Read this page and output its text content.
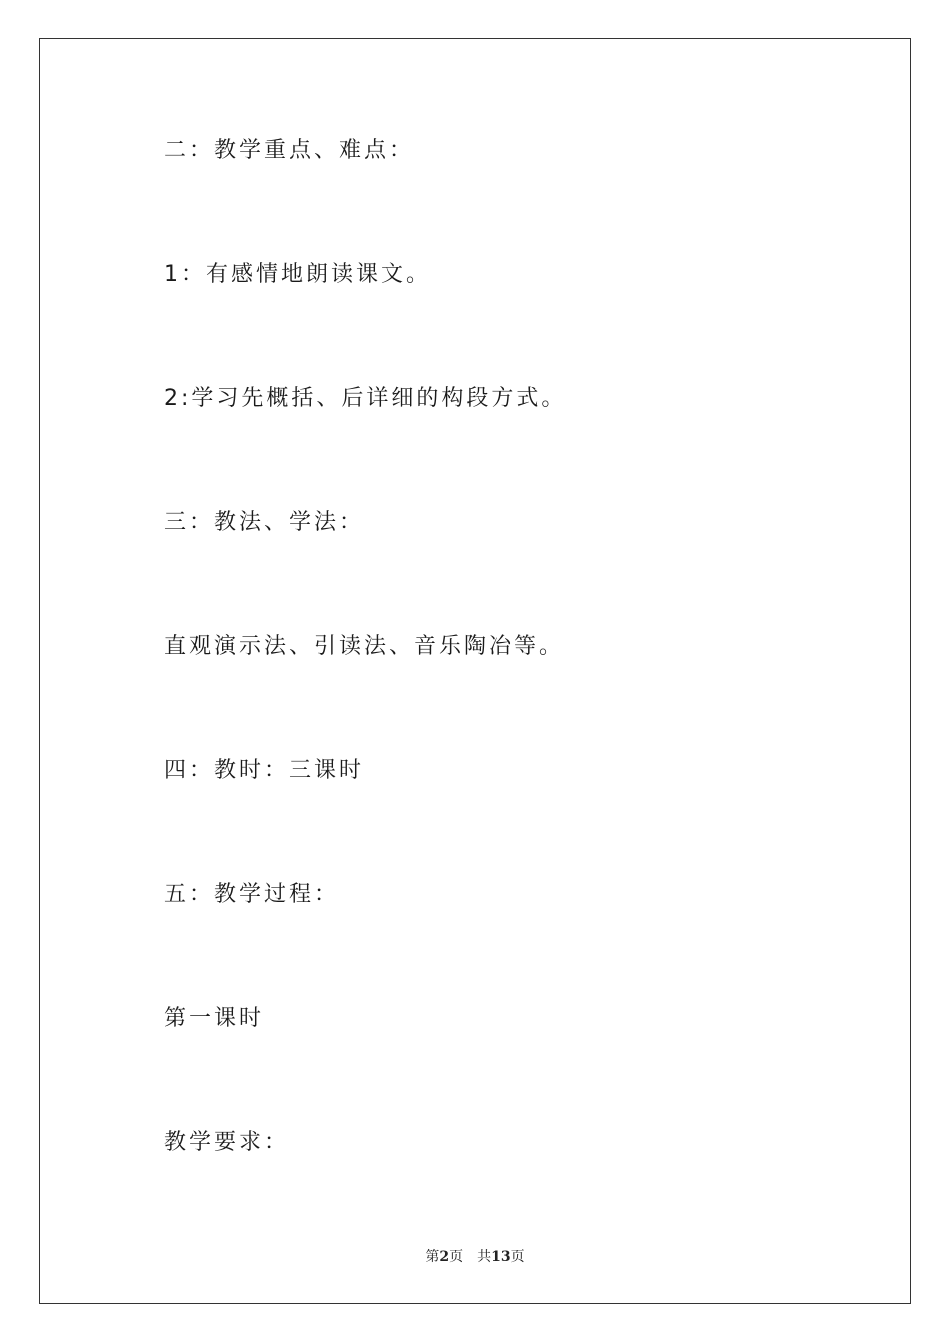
二：教学重点、难点：
1：有感情地朗读课文。
2:学习先概括、后详细的构段方式。
三：教法、学法：
直观演示法、引读法、音乐陶冶等。
四：教时：三课时
五：教学过程：
第一课时
教学要求：
第2页 共13页
